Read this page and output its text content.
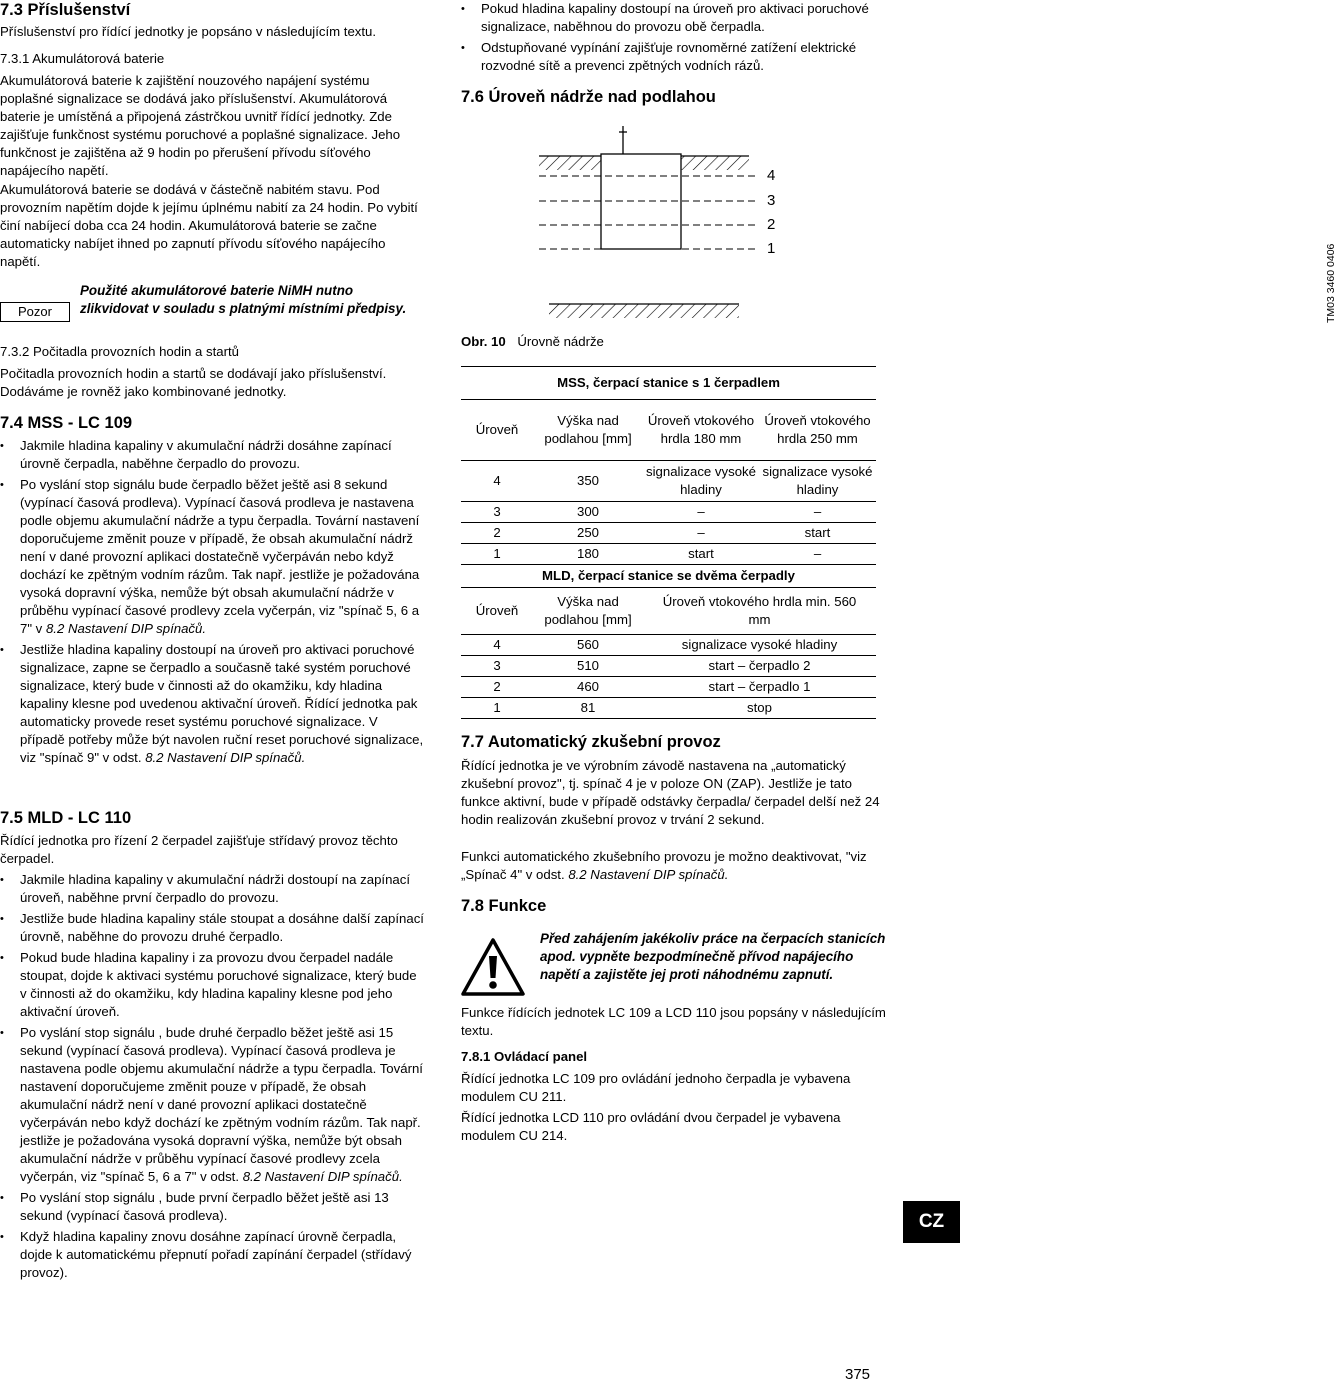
7.3 Příslušenství

Příslušenství pro řídící jednotky je popsáno v následujícím textu.

7.3.1 Akumulátorová baterie

Akumulátorová baterie k zajištění nouzového napájení systému poplašné signalizace se dodává jako příslušenství. Akumulátorová baterie je umístěná a připojená zástrčkou uvnitř řídící jednotky. Zde zajišťuje funkčnost systému poruchové a poplašné signalizace. Jeho funkčnost je zajištěna až 9 hodin po přerušení přívodu síťového napájecího napětí.

Akumulátorová baterie se dodává v částečně nabitém stavu. Pod provozním napětím dojde k jejímu úplnému nabití za 24 hodin. Po vybití činí nabíjecí doba cca 24 hodin. Akumulátorová baterie se začne automaticky nabíjet ihned po zapnutí přívodu síťového napájecího napětí.

Pozor
Použité akumulátorové baterie NiMH nutno zlikvidovat v souladu s platnými místními předpisy.
7.3.2 Počitadla provozních hodin a startů

Počitadla provozních hodin a startů se dodávají jako příslušenství. Dodáváme je rovněž jako kombinované jednotky.

7.4 MSS - LC 109
• Jakmile hladina kapaliny v akumulační nádrži dosáhne zapínací úrovně čerpadla, naběhne čerpadlo do provozu.
• Po vyslání stop signálu bude čerpadlo běžet ještě asi 8 sekund (vypínací časová prodleva). Vypínací časová prodleva je nastavena podle objemu akumulační nádrže a typu čerpadla. Tovární nastavení doporučujeme změnit pouze v případě, že obsah akumulační nádrž není v dané provozní aplikaci dostatečně vyčerpáván nebo když dochází ke zpětným vodním rázům. Tak např. jestliže je požadována vysoká dopravní výška, nemůže být obsah akumulační nádrže v průběhu vypínací časové prodlevy zcela vyčerpán, viz "spínač 5, 6 a 7" v 8.2 Nastavení DIP spínačů.
• Jestliže hladina kapaliny dostoupí na úroveň pro aktivaci poruchové signalizace, zapne se čerpadlo a současně také systém poruchové signalizace, který bude v činnosti až do okamžiku, kdy hladina kapaliny klesne pod uvedenou aktivační úroveň. Řídící jednotka pak automaticky provede reset systému poruchové signalizace. V případě potřeby může být navolen ruční reset poruchové signalizace, viz "spínač 9" v odst. 8.2 Nastavení DIP spínačů.
7.5 MLD - LC 110

Řídící jednotka pro řízení 2 čerpadel zajišťuje střídavý provoz těchto čerpadel.

• Jakmile hladina kapaliny v akumulační nádrži dostoupí na zapínací úroveň, naběhne první čerpadlo do provozu.
• Jestliže bude hladina kapaliny stále stoupat a dosáhne další zapínací úrovně, naběhne do provozu druhé čerpadlo.
• Pokud bude hladina kapaliny i za provozu dvou čerpadel nadále stoupat, dojde k aktivaci systému poruchové signalizace, který bude v činnosti až do okamžiku, kdy hladina kapaliny klesne pod jeho aktivační úroveň.
• Po vyslání stop signálu , bude druhé čerpadlo běžet ještě asi 15 sekund (vypínací časová prodleva). Vypínací časová prodleva je nastavena podle objemu akumulační nádrže a typu čerpadla. Tovární nastavení doporučujeme změnit pouze v případě, že obsah akumulační nádrž není v dané provozní aplikaci dostatečně vyčerpáván nebo když dochází ke zpětným vodním rázům. Tak např. jestliže je požadována vysoká dopravní výška, nemůže být obsah akumulační nádrže v průběhu vypínací časové prodlevy zcela vyčerpán, viz "spínač 5, 6 a 7" v odst. 8.2 Nastavení DIP spínačů.
• Po vyslání stop signálu , bude první čerpadlo běžet ještě asi 13 sekund (vypínací časová prodleva).
• Když hladina kapaliny znovu dosáhne zapínací úrovně čerpadla, dojde k automatickému přepnutí pořadí zapínání čerpadel (střídavý provoz).
• Pokud hladina kapaliny dostoupí na úroveň pro aktivaci poruchové signalizace, naběhnou do provozu obě čerpadla.
• Odstupňované vypínání zajišťuje rovnoměrné zatížení elektrické rozvodné sítě a prevenci zpětných vodních rázů.
7.6 Úroveň nádrže nad podlahou
4
3
2
1	TM03 3460 0406
Obr. 10 Úrovně nádrže
MSS, čerpací stanice s 1 čerpadlem			
Úroveň	Výška nad podlahou [mm]	Úroveň vtokového hrdla 180 mm	Úroveň vtokového hrdla 250 mm
4	350	signalizace vysoké hladiny	signalizace vysoké hladiny
3	300	–	–
2	250	–	start
1	180	start	–
MLD, čerpací stanice se dvěma čerpadly		
Úroveň	Výška nad podlahou [mm]	Úroveň vtokového hrdla min. 560 mm
4	560	signalizace vysoké hladiny
3	510	start – čerpadlo 2
2	460	start – čerpadlo 1
1	81	stop
7.7 Automatický zkušební provoz

Řídící jednotka je ve výrobním závodě nastavena na „automatický zkušební provoz", tj. spínač 4 je v poloze ON (ZAP). Jestliže je tato funkce aktivní, bude v případě odstávky čerpadla/ čerpadel delší než 24 hodin realizován zkušební provoz v trvání 2 sekund.

Funkci automatického zkušebního provozu je možno deaktivovat, "viz „Spínač 4" v odst. 8.2 Nastavení DIP spínačů.

7.8 Funkce
Před zahájením jakékoliv práce na čerpacích stanicích apod. vypněte bezpodmínečně přívod napájecího napětí a zajistěte jej proti náhodnému zapnutí.

Funkce řídících jednotek LC 109 a LCD 110 jsou popsány v následujícím textu.

7.8.1 Ovládací panel

Řídící jednotka LC 109 pro ovládání jednoho čerpadla je vybavena modulem CU 211.

Řídící jednotka LCD 110 pro ovládání dvou čerpadel je vybavena modulem CU 214.

CZ
375
